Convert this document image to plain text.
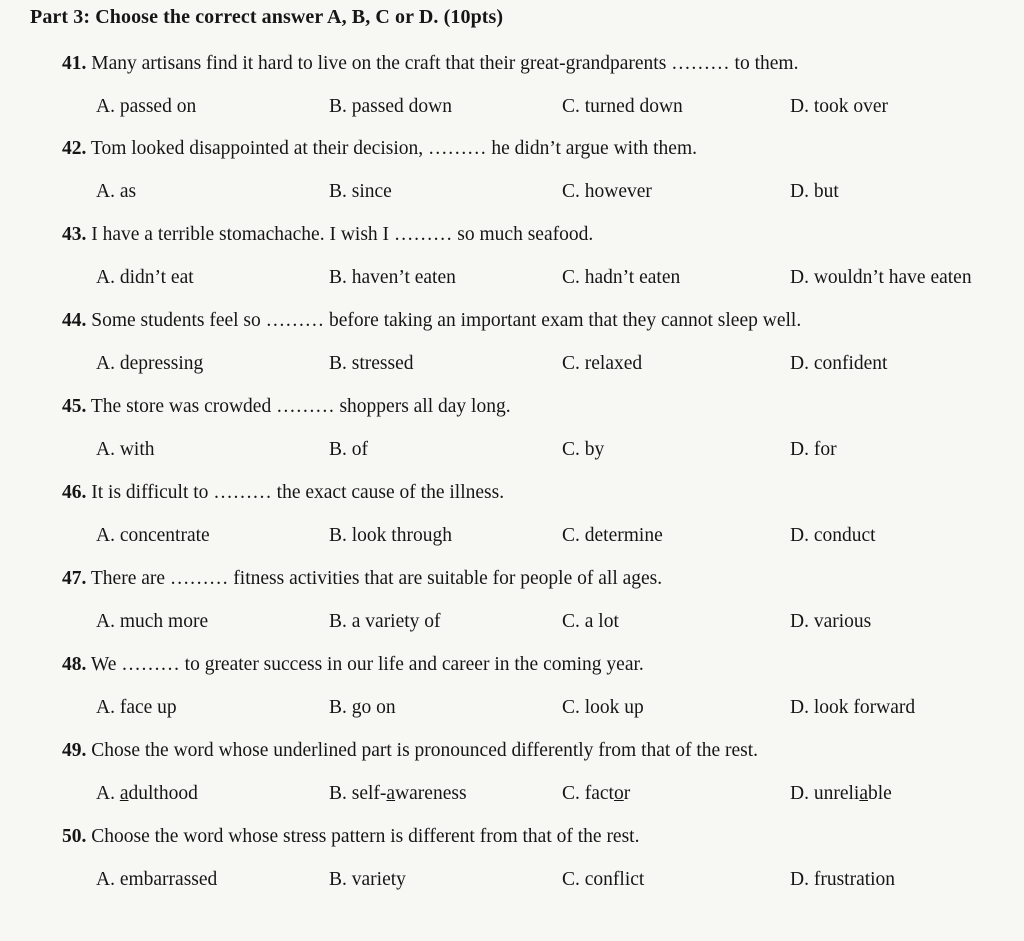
Part 3: Choose the correct answer A, B, C or D. (10pts)
41. Many artisans find it hard to live on the craft that their great-grandparents ……… to them.
A. passed on	B. passed down	C. turned down	D. took over
42. Tom looked disappointed at their decision, ……… he didn’t argue with them.
A. as	B. since	C. however	D. but
43. I have a terrible stomachache. I wish I ……… so much seafood.
A. didn’t eat	B. haven’t eaten	C. hadn’t eaten	D. wouldn’t have eaten
44. Some students feel so ……… before taking an important exam that they cannot sleep well.
A. depressing	B. stressed	C. relaxed	D. confident
45. The store was crowded ……… shoppers all day long.
A. with	B. of	C. by	D. for
46. It is difficult to ……… the exact cause of the illness.
A. concentrate	B. look through	C. determine	D. conduct
47. There are ……… fitness activities that are suitable for people of all ages.
A. much more	B. a variety of	C. a lot	D. various
48. We ……… to greater success in our life and career in the coming year.
A. face up	B. go on	C. look up	D. look forward
49. Chose the word whose underlined part is pronounced differently from that of the rest.
A. adulthood	B. self-awareness	C. factor	D. unreliable
50. Choose the word whose stress pattern is different from that of the rest.
A. embarrassed	B. variety	C. conflict	D. frustration
